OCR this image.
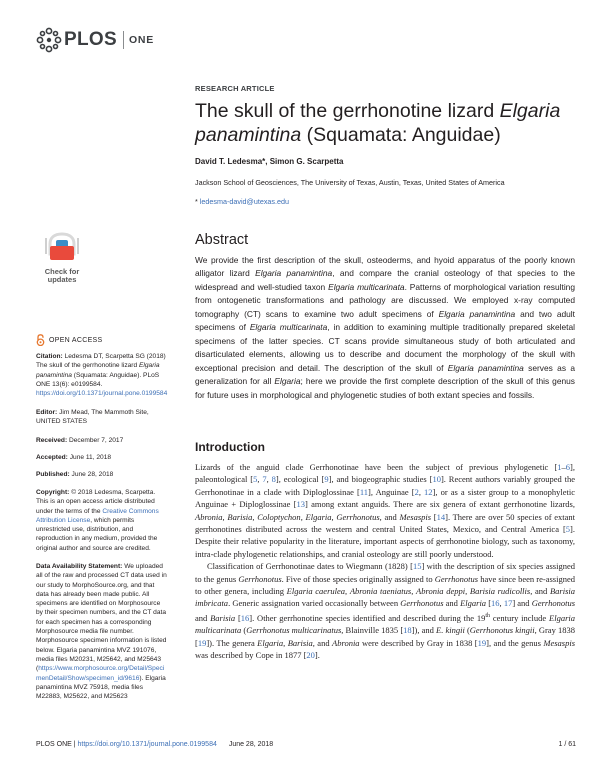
PLOS ONE
RESEARCH ARTICLE
The skull of the gerrhonotine lizard Elgaria
panamintina (Squamata: Anguidae)
David T. Ledesma*, Simon G. Scarpetta
Jackson School of Geosciences, The University of Texas, Austin, Texas, United States of America
* ledesma-david@utexas.edu
Check for
updates
OPEN ACCESS
Citation: Ledesma DT, Scarpetta SG (2018) The skull of the gerrhonotine lizard Elgaria panamintina (Squamata: Anguidae). PLoS ONE 13(6): e0199584. https://doi.org/10.1371/journal.pone.0199584
Editor: Jim Mead, The Mammoth Site, UNITED STATES
Received: December 7, 2017
Accepted: June 11, 2018
Published: June 28, 2018
Copyright: © 2018 Ledesma, Scarpetta. This is an open access article distributed under the terms of the Creative Commons Attribution License, which permits unrestricted use, distribution, and reproduction in any medium, provided the original author and source are credited.
Data Availability Statement: We uploaded all of the raw and processed CT data used in our study to MorphoSource.org, and that data has already been made public. All specimens are identified on Morphosource by their specimen numbers, and the CT data for each specimen has a corresponding Morphosource media file number. Morphosource specimen information is listed below. Elgaria panamintina MVZ 191076, media files M20231, M25642, and M25643 (https://www.morphosource.org/Detail/SpecimenDetail/Show/specimen_id/9616). Elgaria panamintina MVZ 75918, media files M22883, M25622, and M25623
Abstract
We provide the first description of the skull, osteoderms, and hyoid apparatus of the poorly known alligator lizard Elgaria panamintina, and compare the cranial osteology of that species to the widespread and well-studied taxon Elgaria multicarinata. Patterns of morphological variation resulting from ontogenetic transformations and pathology are discussed. We employed x-ray computed tomography (CT) scans to examine two adult specimens of Elgaria panamintina and two adult specimens of Elgaria multicarinata, in addition to examining multiple traditionally prepared skeletal specimens of the latter species. CT scans provide simultaneous study of both articulated and disarticulated elements, allowing us to describe and document the morphology of the skull with exceptional precision and detail. The description of the skull of Elgaria panamintina serves as a generalization for all Elgaria; here we provide the first complete description of the skull of this genus for future uses in morphological and phylogenetic studies of both extant species and fossils.
Introduction

Lizards of the anguid clade Gerrhonotinae have been the subject of previous phylogenetic [1–6], paleontological [5, 7, 8], ecological [9], and biogeographic studies [10]. Recent authors variably grouped the Gerrhonotinae in a clade with Diploglossinae [11], Anguinae [2, 12], or as a sister group to a monophyletic Anguinae + Diploglossinae [13] among extant anguids. There are six genera of extant gerrhonotine lizards, Abronia, Barisia, Coloptychon, Elgaria, Gerrhonotus, and Mesaspis [14]. There are over 50 species of extant gerrhonotines distributed across the western and central United States, Mexico, and Central America [5]. Despite their relative popularity in the literature, important aspects of gerrhonotine biology, such as taxonomy, intra-clade phylogenetic relationships, and cranial osteology are still poorly understood.

Classification of Gerrhonotinae dates to Wiegmann (1828) [15] with the description of six species assigned to the genus Gerrhonotus. Five of those species originally assigned to Gerrhonotus have since been re-assigned to other genera, including Elgaria caerulea, Abronia taeniatus, Abronia deppi, Barisia rudicollis, and Barisia imbricata. Generic assignation varied occasionally between Gerrhonotus and Elgaria [16, 17] and Gerrhonotus and Barisia [16]. Other gerrhonotine species identified and described during the 19th century include Elgaria multicarinata (Gerrhonotus multicarinatus, Blainville 1835 [18]), and E. kingii (Gerrhonotus kingii, Gray 1838 [19]). The genera Elgaria, Barisia, and Abronia were described by Gray in 1838 [19], and the genus Mesaspis was described by Cope in 1877 [20].

PLOS ONE | https://doi.org/10.1371/journal.pone.0199584 June 28, 2018	1 / 61
